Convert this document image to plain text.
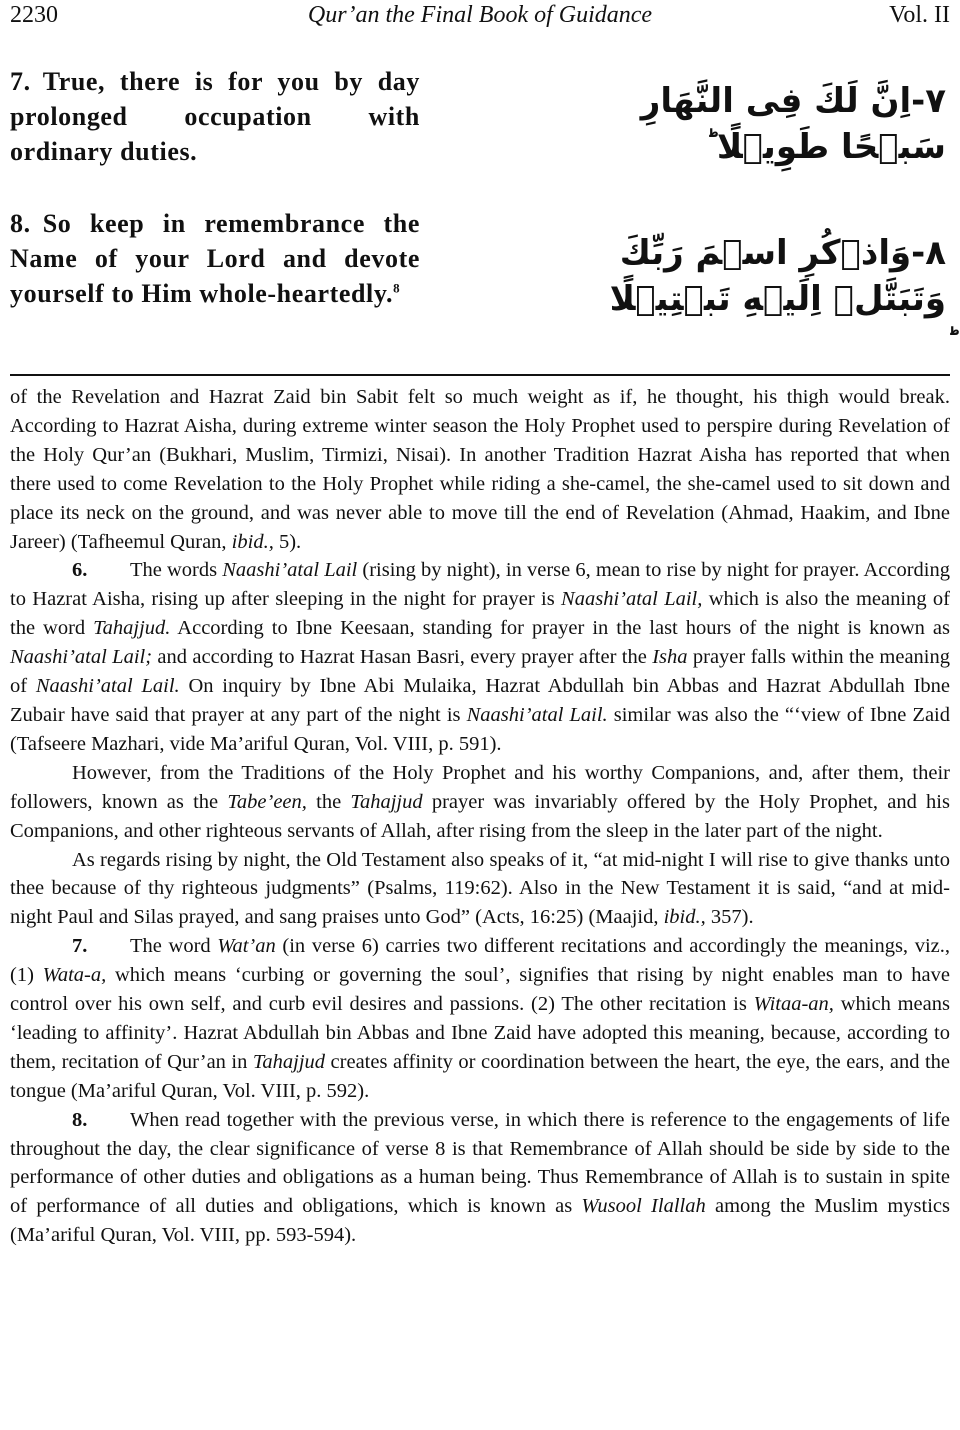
2230	Qur’an the Final Book of Guidance	Vol. II
7. True, there is for you by day prolonged occupation with ordinary duties.
۷-اِنَّ لَكَ فِى النَّهَارِ سَبۡحًا طَوِيۡلًا ؕ
8. So keep in remembrance the Name of your Lord and devote yourself to Him whole-heartedly.$^8$
۸-وَاذۡكُرِ اسۡمَ رَبِّكَ
وَتَبَتَّلۡ اِلَيۡهِ تَبۡتِيۡلًا

of the Revelation and Hazrat Zaid bin Sabit felt so much weight as if, he thought, his thigh would break. According to Hazrat Aisha, during extreme winter season the Holy Prophet used to perspire during Revelation of the Holy Qur’an (Bukhari, Muslim, Tirmizi, Nisai). In another Tradition Hazrat Aisha has reported that when there used to come Revelation to the Holy Prophet while riding a she-camel, the she-camel used to sit down and place its neck on the ground, and was never able to move till the end of Revelation (Ahmad, Haakim, and Ibne Jareer) (Tafheemul Quran, ibid., 5).

6. The words Naashi’atal Lail (rising by night), in verse 6, mean to rise by night for prayer. According to Hazrat Aisha, rising up after sleeping in the night for prayer is Naashi’atal Lail, which is also the meaning of the word Tahajjud. According to Ibne Keesaan, standing for prayer in the last hours of the night is known as Naashi’atal Lail; and according to Hazrat Hasan Basri, every prayer after the Isha prayer falls within the meaning of Naashi’atal Lail. On inquiry by Ibne Abi Mulaika, Hazrat Abdullah bin Abbas and Hazrat Abdullah Ibne Zubair have said that prayer at any part of the night is Naashi’atal Lail. similar was also the “‘view of Ibne Zaid (Tafseere Mazhari, vide Ma’ariful Quran, Vol. VIII, p. 591).

However, from the Traditions of the Holy Prophet and his worthy Companions, and, after them, their followers, known as the Tabe’een, the Tahajjud prayer was invariably offered by the Holy Prophet, and his Companions, and other righteous servants of Allah, after rising from the sleep in the later part of the night.

As regards rising by night, the Old Testament also speaks of it, “at mid-night I will rise to give thanks unto thee because of thy righteous judgments” (Psalms, 119:62). Also in the New Testament it is said, “and at mid-night Paul and Silas prayed, and sang praises unto God” (Acts, 16:25) (Maajid, ibid., 357).

7. The word Wat’an (in verse 6) carries two different recitations and accordingly the meanings, viz., (1) Wata-a, which means ‘curbing or governing the soul’, signifies that rising by night enables man to have control over his own self, and curb evil desires and passions. (2) The other recitation is Witaa-an, which means ‘leading to affinity’. Hazrat Abdullah bin Abbas and Ibne Zaid have adopted this meaning, because, according to them, recitation of Qur’an in Tahajjud creates affinity or coordination between the heart, the eye, the ears, and the tongue (Ma’ariful Quran, Vol. VIII, p. 592).

8. When read together with the previous verse, in which there is reference to the engagements of life throughout the day, the clear significance of verse 8 is that Remembrance of Allah should be side by side to the performance of other duties and obligations as a human being. Thus Remembrance of Allah is to sustain in spite of performance of all duties and obligations, which is known as Wusool Ilallah among the Muslim mystics (Ma’ariful Quran, Vol. VIII, pp. 593-594).
